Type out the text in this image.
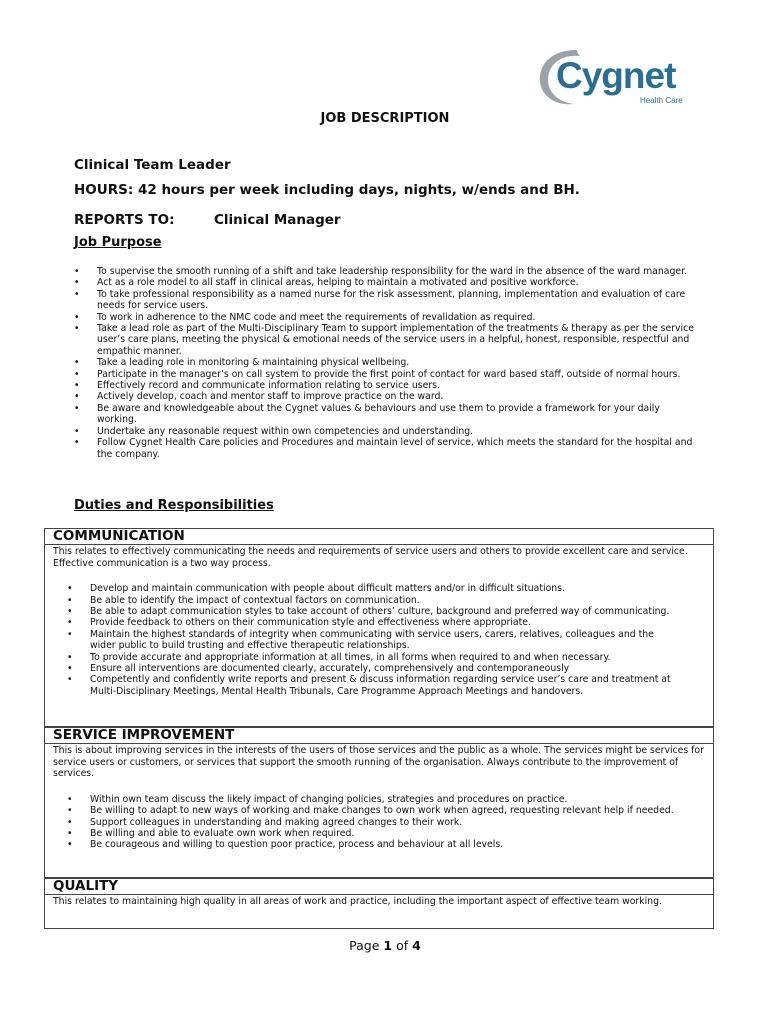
Cygnet
Health Care
JOB DESCRIPTION
Clinical Team Leader
HOURS: 42 hours per week including days, nights, w/ends and BH.
REPORTS TO:	Clinical Manager
Job Purpose
• To supervise the smooth running of a shift and take leadership responsibility for the ward in the absence of the ward manager.
• Act as a role model to all staff in clinical areas, helping to maintain a motivated and positive workforce.
• To take professional responsibility as a named nurse for the risk assessment, planning, implementation and evaluation of care needs for service users.
• To work in adherence to the NMC code and meet the requirements of revalidation as required.
• Take a lead role as part of the Multi-Disciplinary Team to support implementation of the treatments & therapy as per the service user’s care plans, meeting the physical & emotional needs of the service users in a helpful, honest, responsible, respectful and empathic manner.
• Take a leading role in monitoring & maintaining physical wellbeing.
• Participate in the manager’s on call system to provide the first point of contact for ward based staff, outside of normal hours.
• Effectively record and communicate information relating to service users.
• Actively develop, coach and mentor staff to improve practice on the ward.
• Be aware and knowledgeable about the Cygnet values & behaviours and use them to provide a framework for your daily working.
• Undertake any reasonable request within own competencies and understanding.
• Follow Cygnet Health Care policies and Procedures and maintain level of service, which meets the standard for the hospital and the company.
Duties and Responsibilities
COMMUNICATION
This relates to effectively communicating the needs and requirements of service users and others to provide excellent care and service. Effective communication is a two way process.
• Develop and maintain communication with people about difficult matters and/or in difficult situations.
• Be able to identify the impact of contextual factors on communication.
• Be able to adapt communication styles to take account of others’ culture, background and preferred way of communicating.
• Provide feedback to others on their communication style and effectiveness where appropriate.
• Maintain the highest standards of integrity when communicating with service users, carers, relatives, colleagues and the wider public to build trusting and effective therapeutic relationships.
• To provide accurate and appropriate information at all times, in all forms when required to and when necessary.
• Ensure all interventions are documented clearly, accurately, comprehensively and contemporaneously
• Competently and confidently write reports and present & discuss information regarding service user’s care and treatment at Multi-Disciplinary Meetings, Mental Health Tribunals, Care Programme Approach Meetings and handovers.
SERVICE IMPROVEMENT
This is about improving services in the interests of the users of those services and the public as a whole. The services might be services for service users or customers, or services that support the smooth running of the organisation. Always contribute to the improvement of services.
• Within own team discuss the likely impact of changing policies, strategies and procedures on practice.
• Be willing to adapt to new ways of working and make changes to own work when agreed, requesting relevant help if needed.
• Support colleagues in understanding and making agreed changes to their work.
• Be willing and able to evaluate own work when required.
• Be courageous and willing to question poor practice, process and behaviour at all levels.
QUALITY
This relates to maintaining high quality in all areas of work and practice, including the important aspect of effective team working.
Page 1 of 4
